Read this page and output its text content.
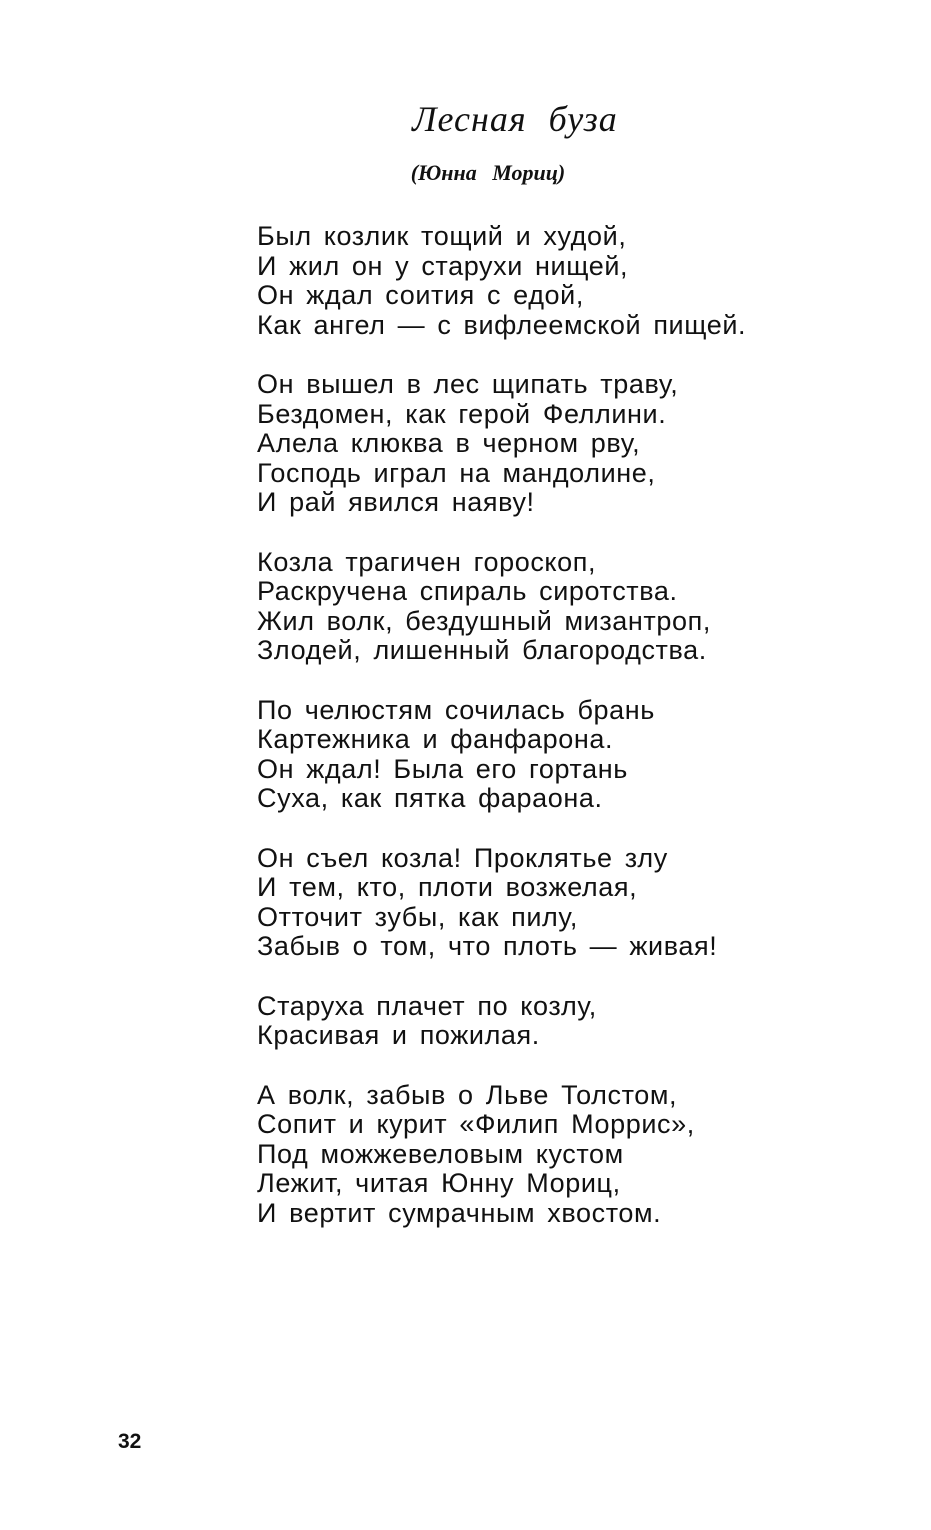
Лесная буза
(Юнна Мориц)
Был козлик тощий и худой,
И жил он у старухи нищей,
Он ждал соития с едой,
Как ангел — с вифлеемской пищей.
Он вышел в лес щипать траву,
Бездомен, как герой Феллини.
Алела клюква в черном рву,
Господь играл на мандолине,
И рай явился наяву!
Козла трагичен гороскоп,
Раскручена спираль сиротства.
Жил волк, бездушный мизантроп,
Злодей, лишенный благородства.
По челюстям сочилась брань
Картежника и фанфарона.
Он ждал! Была его гортань
Суха, как пятка фараона.
Он съел козла! Проклятье злу
И тем, кто, плоти возжелая,
Отточит зубы, как пилу,
Забыв о том, что плоть — живая!
Старуха плачет по козлу,
Красивая и пожилая.
А волк, забыв о Льве Толстом,
Сопит и курит «Филип Моррис»,
Под можжевеловым кустом
Лежит, читая Юнну Мориц,
И вертит сумрачным хвостом.
32
